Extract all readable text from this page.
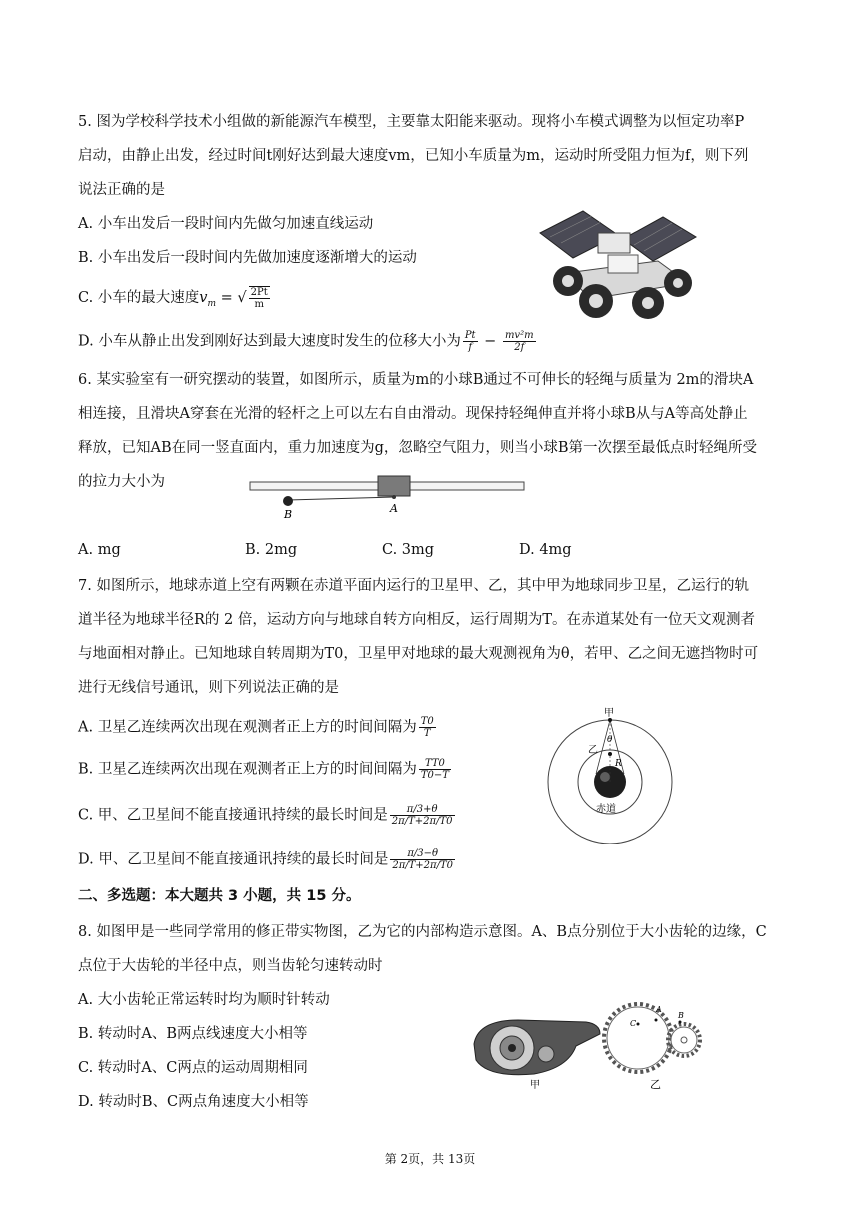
5. 图为学校科学技术小组做的新能源汽车模型，主要靠太阳能来驱动。现将小车模式调整为以恒定功率P
启动，由静止出发，经过时间t刚好达到最大速度vm，已知小车质量为m，运动时所受阻力恒为f，则下列
说法正确的是
A. 小车出发后一段时间内先做匀加速直线运动
B. 小车出发后一段时间内先做加速度逐渐增大的运动
C. 小车的最大速度$v_m$ = √ $\frac{2Pt}{m}$
D. 小车从静止出发到刚好达到最大速度时发生的位移大小为 $\frac{Pt}{f} - \frac{\text{mv²m}}{2f}$
6. 某实验室有一研究摆动的装置，如图所示，质量为m的小球B通过不可伸长的轻绳与质量为 2m的滑块A
相连接，且滑块A穿套在光滑的轻杆之上可以左右自由滑动。现保持轻绳伸直并将小球B从与A等高处静止
释放，已知AB在同一竖直面内，重力加速度为g，忽略空气阻力，则当小球B第一次摆至最低点时轻绳所受
的拉力大小为
B	A
A. mg	B. 2mg	C. 3mg	D. 4mg
7. 如图所示，地球赤道上空有两颗在赤道平面内运行的卫星甲、乙，其中甲为地球同步卫星，乙运行的轨
道半径为地球半径R的 2 倍，运动方向与地球自转方向相反，运行周期为T。在赤道某处有一位天文观测者
与地面相对静止。已知地球自转周期为T0，卫星甲对地球的最大观测视角为θ，若甲、乙之间无遮挡物时可
进行无线信号通讯，则下列说法正确的是
A. 卫星乙连续两次出现在观测者正上方的时间间隔为 $\frac{T0}{T}$
B. 卫星乙连续两次出现在观测者正上方的时间间隔为 $\frac{TT0}{T0-T}$
C. 甲、乙卫星间不能直接通讯持续的最长时间是 $\frac{\pi/3+\theta}{2\pi/T+2\pi/T0}$
D. 甲、乙卫星间不能直接通讯持续的最长时间是 $\frac{\pi/3-\theta}{2\pi/T+2\pi/T0}$
甲
乙
θ
R
赤道
二、多选题：本大题共 3 小题，共 15 分。
8. 如图甲是一些同学常用的修正带实物图，乙为它的内部构造示意图。A、B点分别位于大小齿轮的边缘，C
点位于大齿轮的半径中点，则当齿轮匀速转动时
A. 大小齿轮正常运转时均为顺时针转动
B. 转动时A、B两点线速度大小相等
C. 转动时A、C两点的运动周期相同
D. 转动时B、C两点角速度大小相等
甲
A
C
B
乙
第 2页，共 13页
